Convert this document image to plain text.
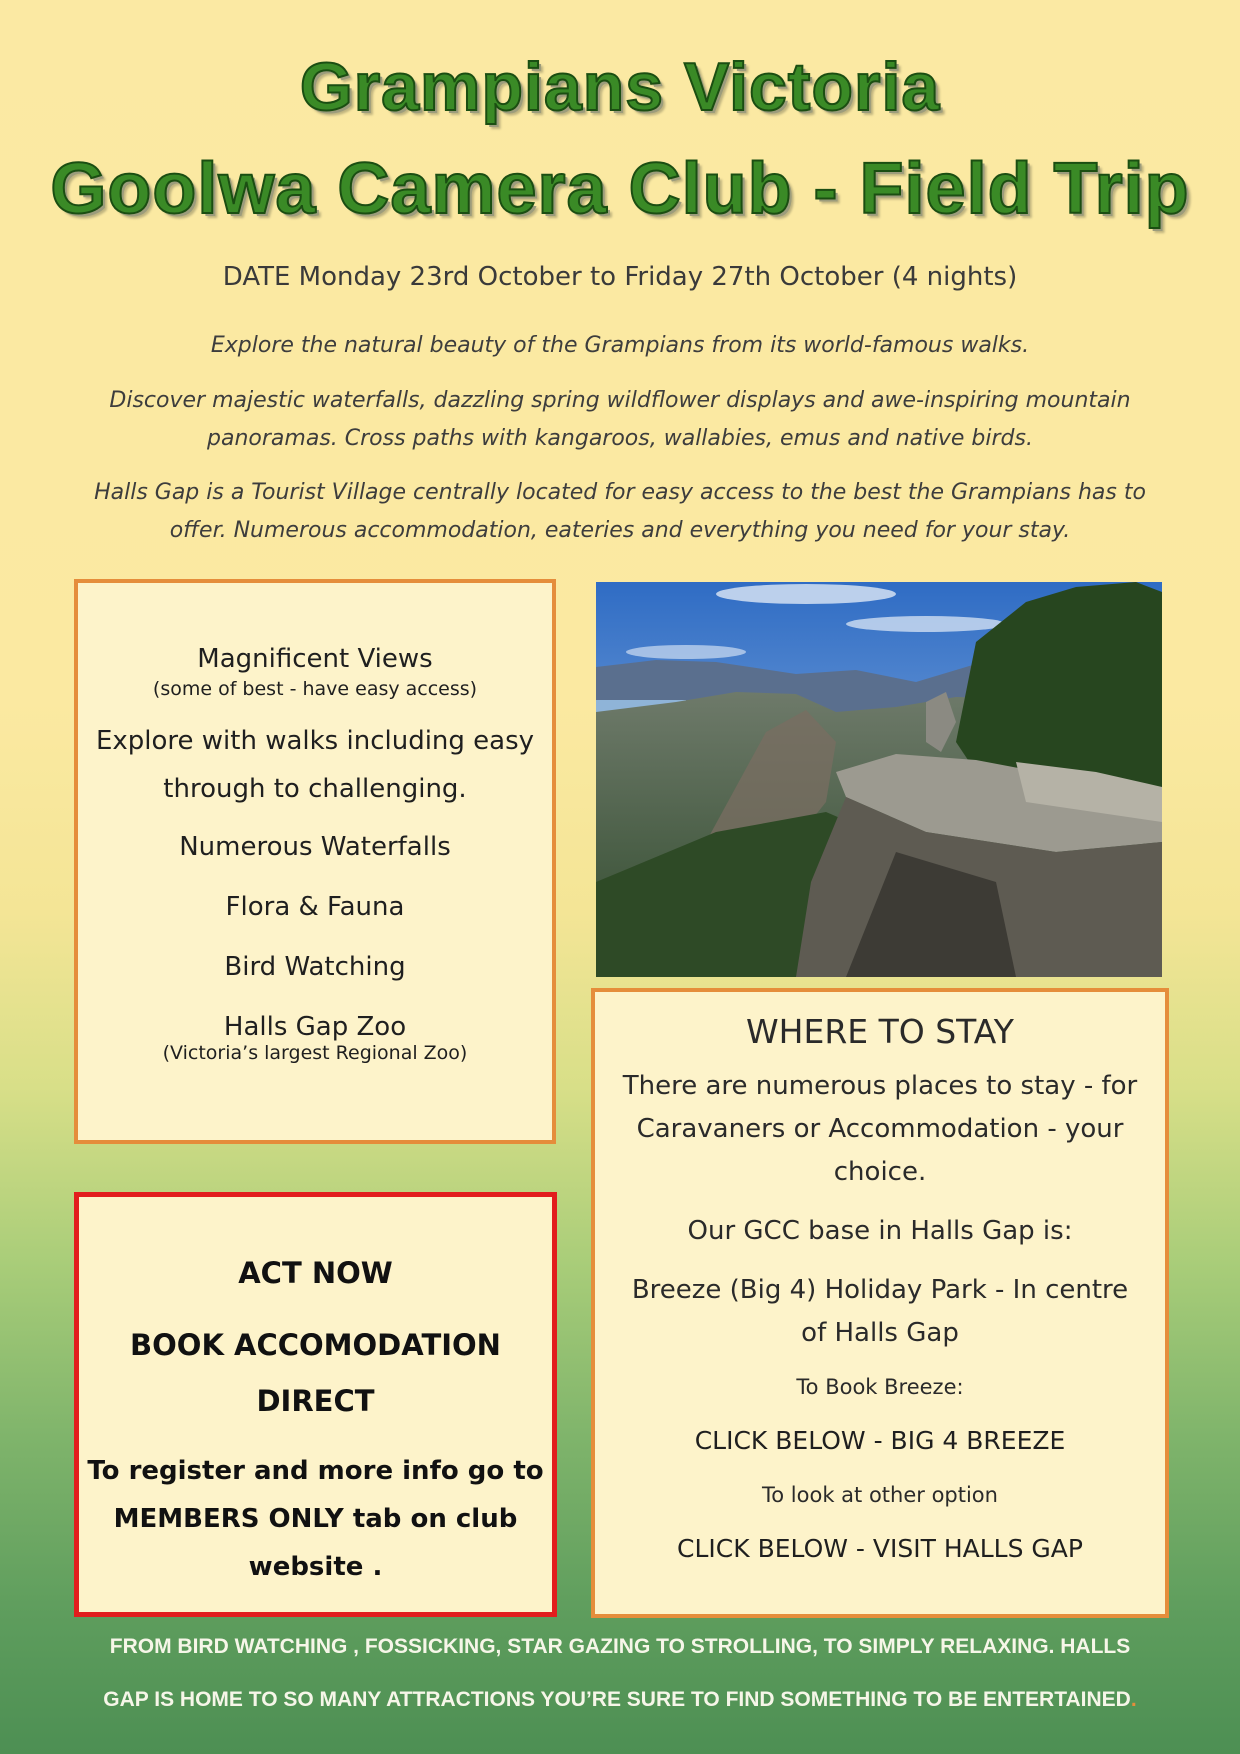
Grampians Victoria
Goolwa Camera Club - Field Trip
DATE Monday 23rd October to Friday 27th October (4 nights)
Explore the natural beauty of the Grampians from its world-famous walks.
Discover majestic waterfalls, dazzling spring wildflower displays and awe-inspiring mountain panoramas. Cross paths with kangaroos, wallabies, emus and native birds.
Halls Gap is a Tourist Village centrally located for easy access to the best the Grampians has to offer. Numerous accommodation, eateries and everything you need for your stay.
Magnificent Views
(some of best - have easy access)
Explore with walks including easy through to challenging.
Numerous Waterfalls
Flora & Fauna
Bird Watching
Halls Gap Zoo
(Victoria’s largest Regional Zoo)
WHERE TO STAY
There are numerous places to stay - for Caravaners or Accommodation - your choice.
Our GCC base in Halls Gap is:
Breeze (Big 4) Holiday Park - In centre of Halls Gap
To Book Breeze:
CLICK BELOW - BIG 4 BREEZE
To look at other option
CLICK BELOW - VISIT HALLS GAP
ACT NOW
BOOK ACCOMODATION DIRECT
To register and more info go to MEMBERS ONLY tab on club website .
FROM BIRD WATCHING , FOSSICKING, STAR GAZING TO STROLLING, TO SIMPLY RELAXING. HALLS
GAP IS HOME TO SO MANY ATTRACTIONS YOU’RE SURE TO FIND SOMETHING TO BE ENTERTAINED.
